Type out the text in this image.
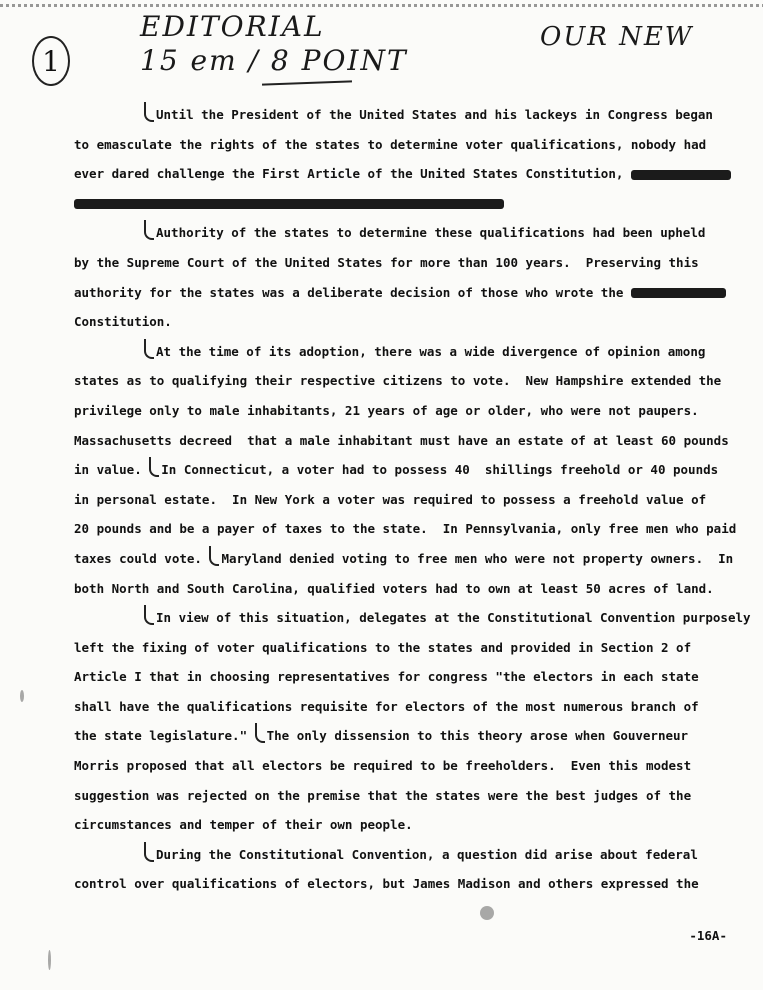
1
EDITORIAL
15 em / 8 POINT
OUR NEW
Until the President of the United States and his lackeys in Congress began
to emasculate the rights of the states to determine voter qualifications, nobody had
ever dared challenge the First Article of the United States Constitution,
Authority of the states to determine these qualifications had been upheld
by the Supreme Court of the United States for more than 100 years.  Preserving this
authority for the states was a deliberate decision of those who wrote the
Constitution.
At the time of its adoption, there was a wide divergence of opinion among
states as to qualifying their respective citizens to vote.  New Hampshire extended the
privilege only to male inhabitants, 21 years of age or older, who were not paupers.
Massachusetts decreed  that a male inhabitant must have an estate of at least 60 pounds
in value. In Connecticut, a voter had to possess 40  shillings freehold or 40 pounds
in personal estate.  In New York a voter was required to possess a freehold value of
20 pounds and be a payer of taxes to the state.  In Pennsylvania, only free men who paid
taxes could vote. Maryland denied voting to free men who were not property owners.  In
both North and South Carolina, qualified voters had to own at least 50 acres of land.
In view of this situation, delegates at the Constitutional Convention purposely
left the fixing of voter qualifications to the states and provided in Section 2 of
Article I that in choosing representatives for congress "the electors in each state
shall have the qualifications requisite for electors of the most numerous branch of
the state legislature." The only dissension to this theory arose when Gouverneur
Morris proposed that all electors be required to be freeholders.  Even this modest
suggestion was rejected on the premise that the states were the best judges of the
circumstances and temper of their own people.
During the Constitutional Convention, a question did arise about federal
control over qualifications of electors, but James Madison and others expressed the
-16A-
